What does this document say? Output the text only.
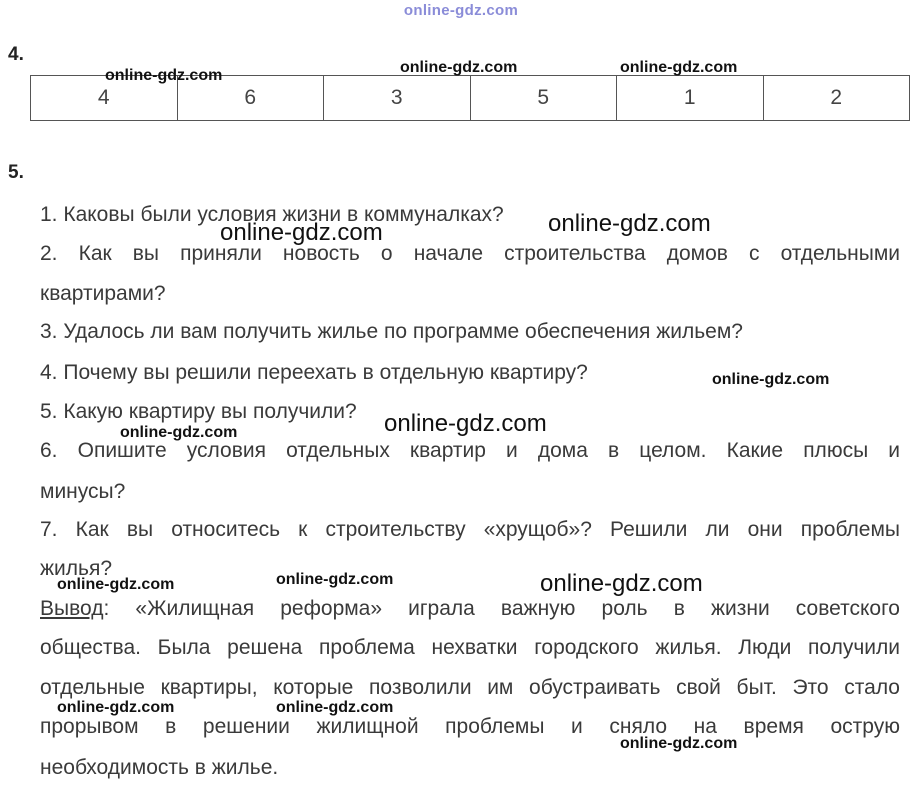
online-gdz.com
4.
4	6	3	5	1	2
5.
1. Каковы были условия жизни в коммуналках?
2. Как вы приняли новость о начале строительства домов с отдельными
квартирами?
3. Удалось ли вам получить жилье по программе обеспечения жильем?
4. Почему вы решили переехать в отдельную квартиру?
5. Какую квартиру вы получили?
6. Опишите условия отдельных квартир и дома в целом. Какие плюсы и
минусы?
7. Как вы относитесь к строительству «хрущоб»? Решили ли они проблемы
жилья?
Вывод: «Жилищная реформа» играла важную роль в жизни советского
общества. Была решена проблема нехватки городского жилья. Люди получили
отдельные квартиры, которые позволили им обустраивать свой быт. Это стало
прорывом в решении жилищной проблемы и сняло на время острую
необходимость в жилье.
online-gdz.com	online-gdz.com	online-gdz.com
online-gdz.com
online-gdz.com
online-gdz.com
online-gdz.com
online-gdz.com
online-gdz.com	online-gdz.com	online-gdz.com
online-gdz.com	online-gdz.com
online-gdz.com
